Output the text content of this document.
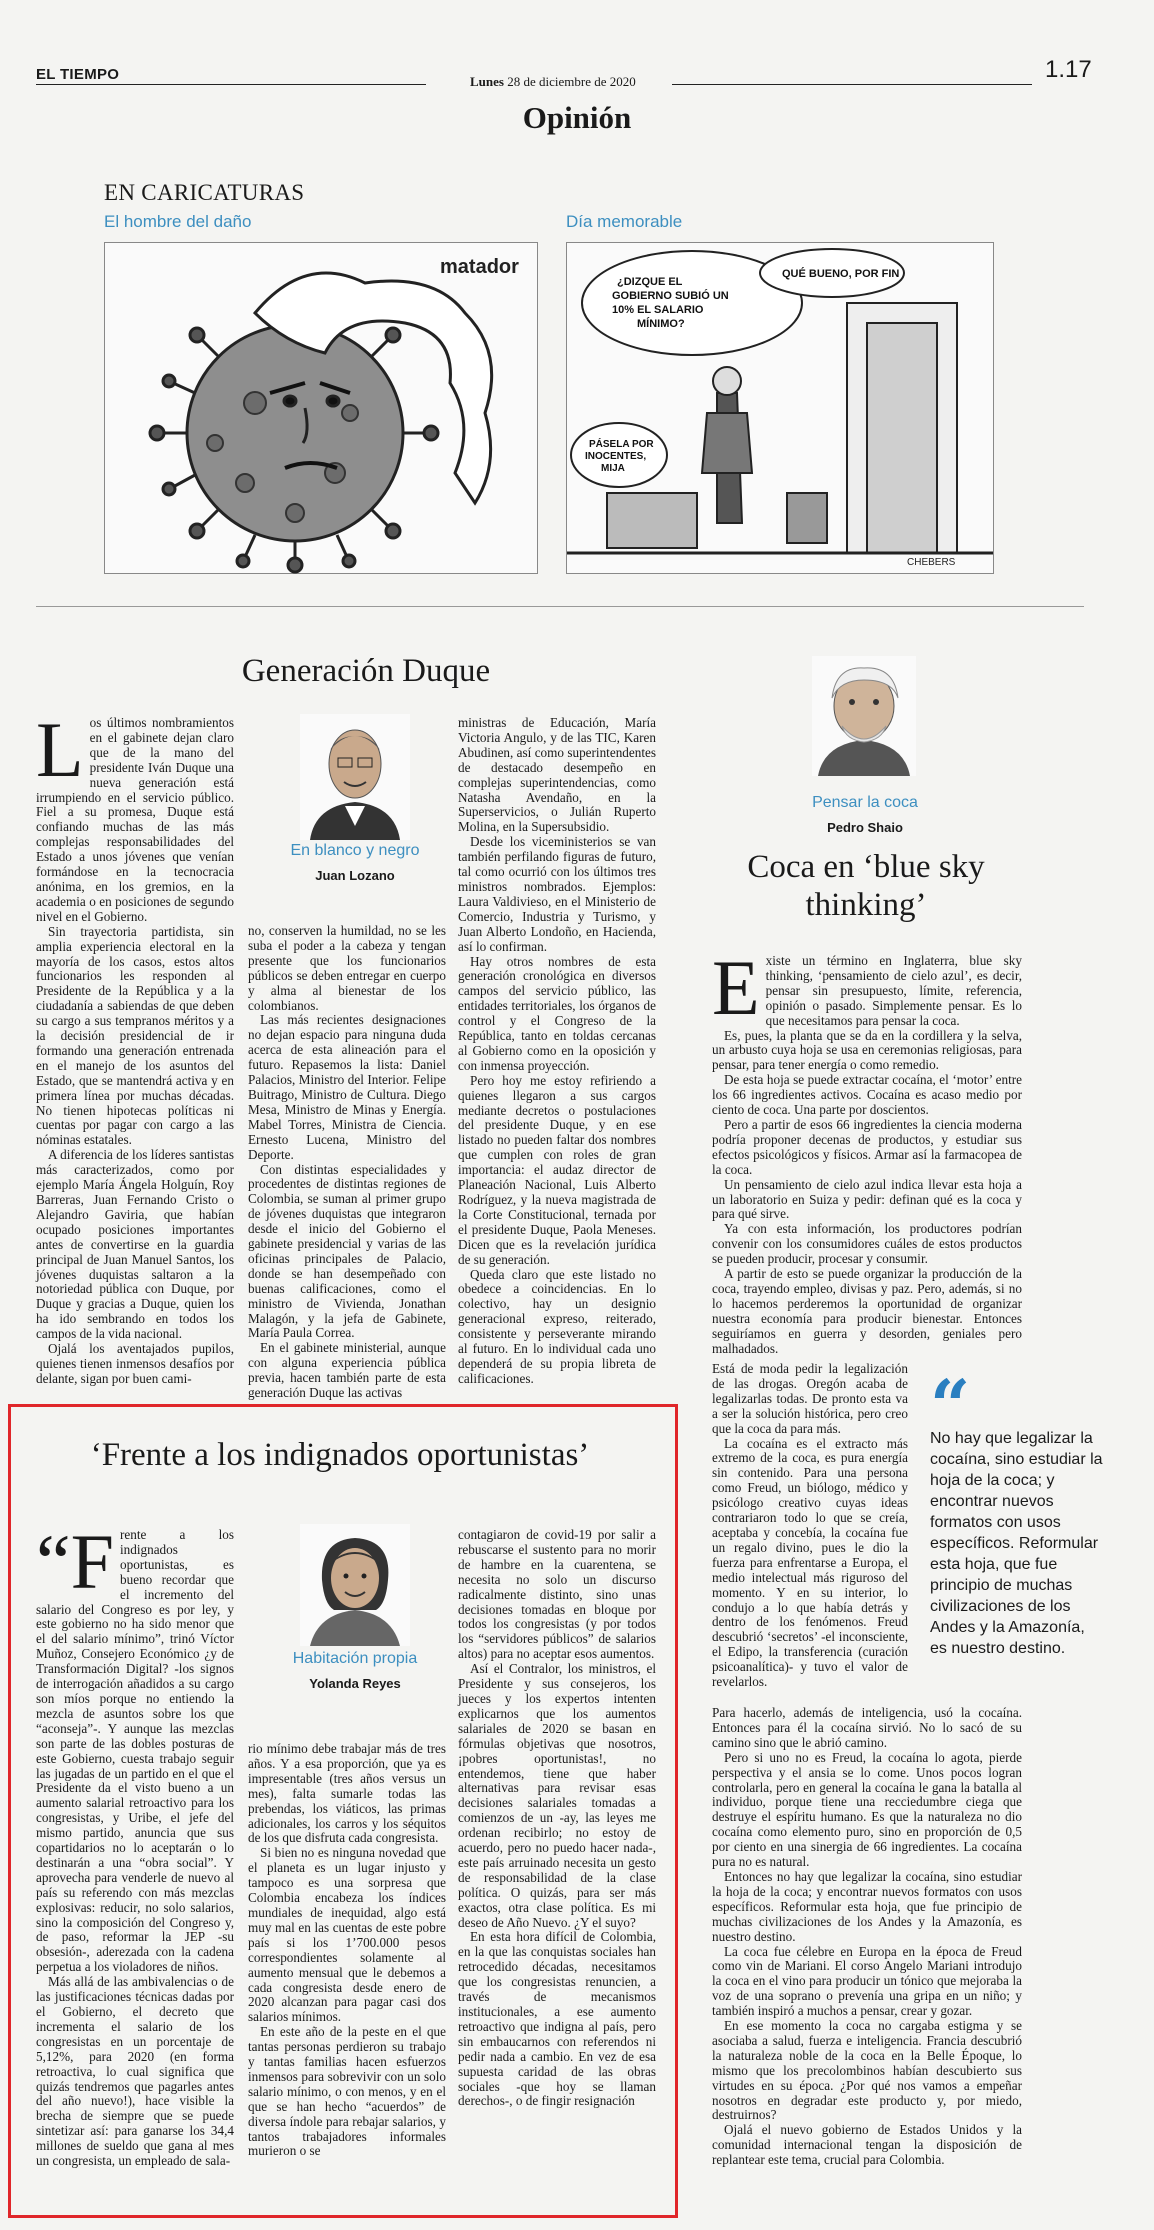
EL TIEMPO	Lunes 28 de diciembre de 2020	1.17
Opinión
EN CARICATURAS
El hombre del daño	Día memorable
matador
¿DIZQUE EL GOBIERNO SUBIÓ UN 10% EL SALARIO MÍNIMO?
QUÉ BUENO, POR FIN
PÁSELA POR INOCENTES, MIJA
CHEBERS
Generación Duque
L os últimos nombramientos en el gabinete dejan claro que de la mano del presidente Iván Duque una nueva generación está irrumpiendo en el servicio público. Fiel a su promesa, Duque está confiando muchas de las más complejas responsabilidades del Estado a unos jóvenes que venían formándose en la tecnocracia anónima, en los gremios, en la academia o en posiciones de segundo nivel en el Gobierno.

Sin trayectoria partidista, sin amplia experiencia electoral en la mayoría de los casos, estos altos funcionarios les responden al Presidente de la República y a la ciudadanía a sabiendas de que deben su cargo a sus tempranos méritos y a la decisión presidencial de ir formando una generación entrenada en el manejo de los asuntos del Estado, que se mantendrá activa y en primera línea por muchas décadas. No tienen hipotecas políticas ni cuentas por pagar con cargo a las nóminas estatales.

A diferencia de los líderes santistas más caracterizados, como por ejemplo María Ángela Holguín, Roy Barreras, Juan Fernando Cristo o Alejandro Gaviria, que habían ocupado posiciones importantes antes de convertirse en la guardia principal de Juan Manuel Santos, los jóvenes duquistas saltaron a la notoriedad pública con Duque, por Duque y gracias a Duque, quien los ha ido sembrando en todos los campos de la vida nacional.

Ojalá los aventajados pupilos, quienes tienen inmensos desafíos por delante, sigan por buen cami-

En blanco y negro
Juan Lozano

no, conserven la humildad, no se les suba el poder a la cabeza y tengan presente que los funcionarios públicos se deben entregar en cuerpo y alma al bienestar de los colombianos.

Las más recientes designaciones no dejan espacio para ninguna duda acerca de esta alineación para el futuro. Repasemos la lista: Daniel Palacios, Ministro del Interior. Felipe Buitrago, Ministro de Cultura. Diego Mesa, Ministro de Minas y Energía. Mabel Torres, Ministra de Ciencia. Ernesto Lucena, Ministro del Deporte.

Con distintas especialidades y procedentes de distintas regiones de Colombia, se suman al primer grupo de jóvenes duquistas que integraron desde el inicio del Gobierno el gabinete presidencial y varias de las oficinas principales de Palacio, donde se han desempeñado con buenas calificaciones, como el ministro de Vivienda, Jonathan Malagón, y la jefa de Gabinete, María Paula Correa.

En el gabinete ministerial, aunque con alguna experiencia pública previa, hacen también parte de esta generación Duque las activas

ministras de Educación, María Victoria Angulo, y de las TIC, Karen Abudinen, así como superintendentes de destacado desempeño en complejas superintendencias, como Natasha Avendaño, en la Superservicios, o Julián Ruperto Molina, en la Supersubsidio.

Desde los viceministerios se van también perfilando figuras de futuro, tal como ocurrió con los últimos tres ministros nombrados. Ejemplos: Laura Valdivieso, en el Ministerio de Comercio, Industria y Turismo, y Juan Alberto Londoño, en Hacienda, así lo confirman.

Hay otros nombres de esta generación cronológica en diversos campos del servicio público, las entidades territoriales, los órganos de control y el Congreso de la República, tanto en toldas cercanas al Gobierno como en la oposición y con inmensa proyección.

Pero hoy me estoy refiriendo a quienes llegaron a sus cargos mediante decretos o postulaciones del presidente Duque, y en ese listado no pueden faltar dos nombres que cumplen con roles de gran importancia: el audaz director de Planeación Nacional, Luis Alberto Rodríguez, y la nueva magistrada de la Corte Constitucional, ternada por el presidente Duque, Paola Meneses. Dicen que es la revelación jurídica de su generación.

Queda claro que este listado no obedece a coincidencias. En lo colectivo, hay un designio generacional expreso, reiterado, consistente y perseverante mirando al futuro. En lo individual cada uno dependerá de su propia libreta de calificaciones.

Pensar la coca
Pedro Shaio
Coca en ‘blue sky thinking’
E xiste un término en Inglaterra, blue sky thinking, ‘pensamiento de cielo azul’, es decir, pensar sin presupuesto, límite, referencia, opinión o pasado. Simplemente pensar. Es lo que necesitamos para pensar la coca.

Es, pues, la planta que se da en la cordillera y la selva, un arbusto cuya hoja se usa en ceremonias religiosas, para pensar, para tener energía o como remedio.

De esta hoja se puede extractar cocaína, el ‘motor’ entre los 66 ingredientes activos. Cocaína es acaso medio por ciento de coca. Una parte por doscientos.

Pero a partir de esos 66 ingredientes la ciencia moderna podría proponer decenas de productos, y estudiar sus efectos psicológicos y físicos. Armar así la farmacopea de la coca.

Un pensamiento de cielo azul indica llevar esta hoja a un laboratorio en Suiza y pedir: definan qué es la coca y para qué sirve.

Ya con esta información, los productores podrían convenir con los consumidores cuáles de estos productos se pueden producir, procesar y consumir.

A partir de esto se puede organizar la producción de la coca, trayendo empleo, divisas y paz. Pero, además, si no lo hacemos perderemos la oportunidad de organizar nuestra economía para producir bienestar. Entonces seguiríamos en guerra y desorden, geniales pero malhadados.

Está de moda pedir la legalización de las drogas. Oregón acaba de legalizarlas todas. De pronto esta va a ser la solución histórica, pero creo que la coca da para más.

La cocaína es el extracto más extremo de la coca, es pura energía sin contenido. Para una persona como Freud, un biólogo, médico y psicólogo creativo cuyas ideas contrariaron todo lo que se creía, aceptaba y concebía, la cocaína fue un regalo divino, pues le dio la fuerza para enfrentarse a Europa, el medio intelectual más riguroso del momento. Y en su interior, lo condujo a lo que había detrás y dentro de los fenómenos. Freud descubrió ‘secretos’ -el inconsciente, el Edipo, la transferencia (curación psicoanalítica)- y tuvo el valor de revelarlos.

“
No hay que legalizar la cocaína, sino estudiar la hoja de la coca; y encontrar nuevos formatos con usos específicos. Reformular esta hoja, que fue principio de muchas civilizaciones de los Andes y la Amazonía, es nuestro destino.

Para hacerlo, además de inteligencia, usó la cocaína. Entonces para él la cocaína sirvió. No lo sacó de su camino sino que le abrió camino.

Pero si uno no es Freud, la cocaína lo agota, pierde perspectiva y el ansia se lo come. Unos pocos logran controlarla, pero en general la cocaína le gana la batalla al individuo, porque tiene una recciedumbre ciega que destruye el espíritu humano. Es que la naturaleza no dio cocaína como elemento puro, sino en proporción de 0,5 por ciento en una sinergia de 66 ingredientes. La cocaína pura no es natural.

Entonces no hay que legalizar la cocaína, sino estudiar la hoja de la coca; y encontrar nuevos formatos con usos específicos. Reformular esta hoja, que fue principio de muchas civilizaciones de los Andes y la Amazonía, es nuestro destino.

La coca fue célebre en Europa en la época de Freud como vin de Mariani. El corso Angelo Mariani introdujo la coca en el vino para producir un tónico que mejoraba la voz de una soprano o prevenía una gripa en un niño; y también inspiró a muchos a pensar, crear y gozar.

En ese momento la coca no cargaba estigma y se asociaba a salud, fuerza e inteligencia. Francia descubrió la naturaleza noble de la coca en la Belle Époque, lo mismo que los precolombinos habían descubierto sus virtudes en su época. ¿Por qué nos vamos a empeñar nosotros en degradar este producto y, por miedo, destruirnos?

Ojalá el nuevo gobierno de Estados Unidos y la comunidad internacional tengan la disposición de replantear este tema, crucial para Colombia.

‘Frente a los indignados oportunistas’
“F rente a los indignados oportunistas, es bueno recordar que el incremento del salario del Congreso es por ley, y este gobierno no ha sido menor que el del salario mínimo”, trinó Víctor Muñoz, Consejero Económico ¿y de Transformación Digital? -los signos de interrogación añadidos a su cargo son míos porque no entiendo la mezcla de asuntos sobre los que “aconseja”-. Y aunque las mezclas son parte de las dobles posturas de este Gobierno, cuesta trabajo seguir las jugadas de un partido en el que el Presidente da el visto bueno a un aumento salarial retroactivo para los congresistas, y Uribe, el jefe del mismo partido, anuncia que sus copartidarios no lo aceptarán o lo destinarán a una “obra social”. Y aprovecha para venderle de nuevo al país su referendo con más mezclas explosivas: reducir, no solo salarios, sino la composición del Congreso y, de paso, reformar la JEP -su obsesión-, aderezada con la cadena perpetua a los violadores de niños.

Más allá de las ambivalencias o de las justificaciones técnicas dadas por el Gobierno, el decreto que incrementa el salario de los congresistas en un porcentaje de 5,12%, para 2020 (en forma retroactiva, lo cual significa que quizás tendremos que pagarles antes del año nuevo!), hace visible la brecha de siempre que se puede sintetizar así: para ganarse los 34,4 millones de sueldo que gana al mes un congresista, un empleado de sala-

Habitación propia
Yolanda Reyes

rio mínimo debe trabajar más de tres años. Y a esa proporción, que ya es impresentable (tres años versus un mes), falta sumarle todas las prebendas, los viáticos, las primas adicionales, los carros y los séquitos de los que disfruta cada congresista.

Si bien no es ninguna novedad que el planeta es un lugar injusto y tampoco es una sorpresa que Colombia encabeza los índices mundiales de inequidad, algo está muy mal en las cuentas de este pobre país si los 1’700.000 pesos correspondientes solamente al aumento mensual que le debemos a cada congresista desde enero de 2020 alcanzan para pagar casi dos salarios mínimos.

En este año de la peste en el que tantas personas perdieron su trabajo y tantas familias hacen esfuerzos inmensos para sobrevivir con un solo salario mínimo, o con menos, y en el que se han hecho “acuerdos” de diversa índole para rebajar salarios, y tantos trabajadores informales murieron o se

contagiaron de covid-19 por salir a rebuscarse el sustento para no morir de hambre en la cuarentena, se necesita no solo un discurso radicalmente distinto, sino unas decisiones tomadas en bloque por todos los congresistas (y por todos los “servidores públicos” de salarios altos) para no aceptar esos aumentos.

Así el Contralor, los ministros, el Presidente y sus consejeros, los jueces y los expertos intenten explicarnos que los aumentos salariales de 2020 se basan en fórmulas objetivas que nosotros, ¡pobres oportunistas!, no entendemos, tiene que haber alternativas para revisar esas decisiones salariales tomadas a comienzos de un -ay, las leyes me ordenan recibirlo; no estoy de acuerdo, pero no puedo hacer nada-, este país arruinado necesita un gesto de responsabilidad de la clase política. O quizás, para ser más exactos, otra clase política. Es mi deseo de Año Nuevo. ¿Y el suyo?

En esta hora difícil de Colombia, en la que las conquistas sociales han retrocedido décadas, necesitamos que los congresistas renuncien, a través de mecanismos institucionales, a ese aumento retroactivo que indigna al país, pero sin embaucarnos con referendos ni pedir nada a cambio. En vez de esa supuesta caridad de las obras sociales -que hoy se llaman derechos-, o de fingir resignación
